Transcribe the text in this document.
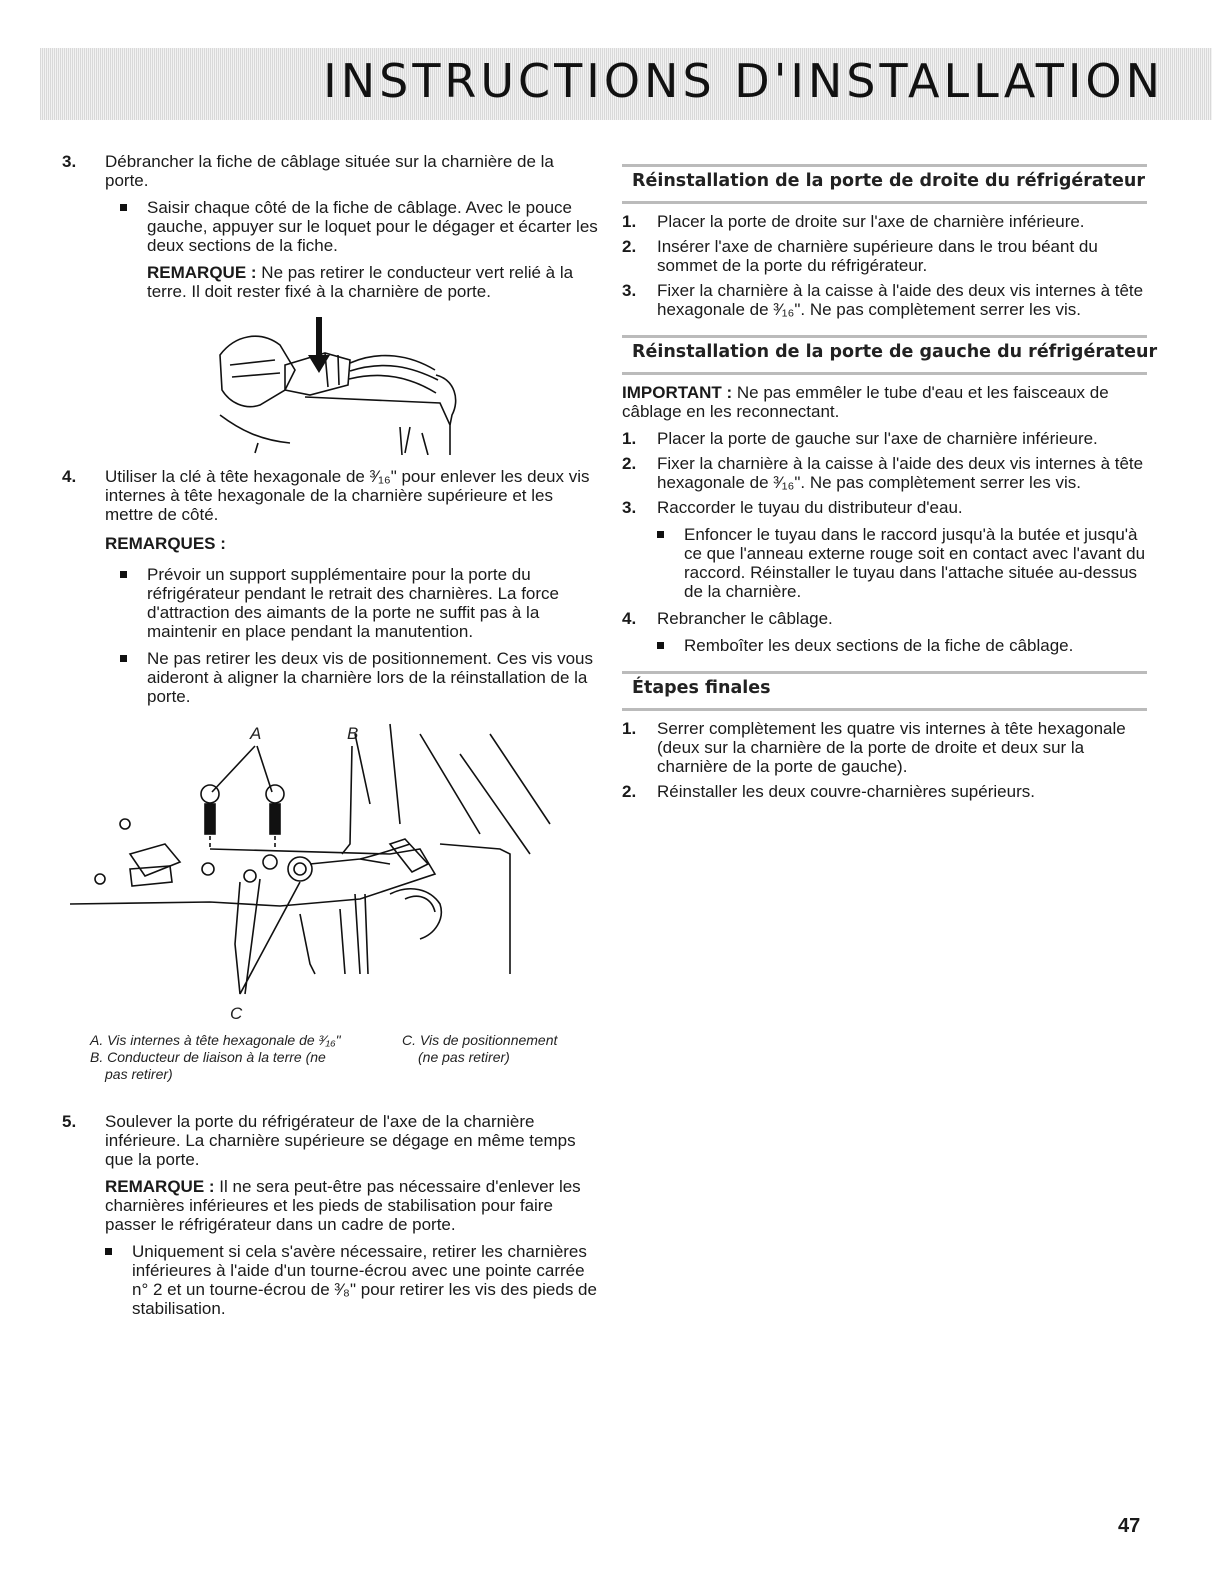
INSTRUCTIONS D'INSTALLATION
3. Débrancher la fiche de câblage située sur la charnière de la porte.
Saisir chaque côté de la fiche de câblage. Avec le pouce gauche, appuyer sur le loquet pour le dégager et écarter les deux sections de la fiche.
REMARQUE : Ne pas retirer le conducteur vert relié à la terre. Il doit rester fixé à la charnière de porte.
4. Utiliser la clé à tête hexagonale de ³⁄₁₆" pour enlever les deux vis internes à tête hexagonale de la charnière supérieure et les mettre de côté.
REMARQUES :
Prévoir un support supplémentaire pour la porte du réfrigérateur pendant le retrait des charnières. La force d'attraction des aimants de la porte ne suffit pas à la maintenir en place pendant la manutention.
Ne pas retirer les deux vis de positionnement. Ces vis vous aideront à aligner la charnière lors de la réinstallation de la porte.
A	B
C
A. Vis internes à tête hexagonale de ³⁄₁₆"
B. Conducteur de liaison à la terre (ne
pas retirer)
C. Vis de positionnement
(ne pas retirer)
5. Soulever la porte du réfrigérateur de l'axe de la charnière inférieure. La charnière supérieure se dégage en même temps que la porte.
REMARQUE : Il ne sera peut-être pas nécessaire d'enlever les charnières inférieures et les pieds de stabilisation pour faire passer le réfrigérateur dans un cadre de porte.
Uniquement si cela s'avère nécessaire, retirer les charnières inférieures à l'aide d'un tourne-écrou avec une pointe carrée n° 2 et un tourne-écrou de ³⁄₈" pour retirer les vis des pieds de stabilisation.
Réinstallation de la porte de droite du réfrigérateur
1. Placer la porte de droite sur l'axe de charnière inférieure.
2. Insérer l'axe de charnière supérieure dans le trou béant du sommet de la porte du réfrigérateur.
3. Fixer la charnière à la caisse à l'aide des deux vis internes à tête hexagonale de ³⁄₁₆". Ne pas complètement serrer les vis.
Réinstallation de la porte de gauche du réfrigérateur
IMPORTANT : Ne pas emmêler le tube d'eau et les faisceaux de câblage en les reconnectant.
1. Placer la porte de gauche sur l'axe de charnière inférieure.
2. Fixer la charnière à la caisse à l'aide des deux vis internes à tête hexagonale de ³⁄₁₆". Ne pas complètement serrer les vis.
3. Raccorder le tuyau du distributeur d'eau.
Enfoncer le tuyau dans le raccord jusqu'à la butée et jusqu'à ce que l'anneau externe rouge soit en contact avec l'avant du raccord. Réinstaller le tuyau dans l'attache située au-dessus de la charnière.
4. Rebrancher le câblage.
Remboîter les deux sections de la fiche de câblage.
Étapes finales
1. Serrer complètement les quatre vis internes à tête hexagonale (deux sur la charnière de la porte de droite et deux sur la charnière de la porte de gauche).
2. Réinstaller les deux couvre-charnières supérieurs.
47
